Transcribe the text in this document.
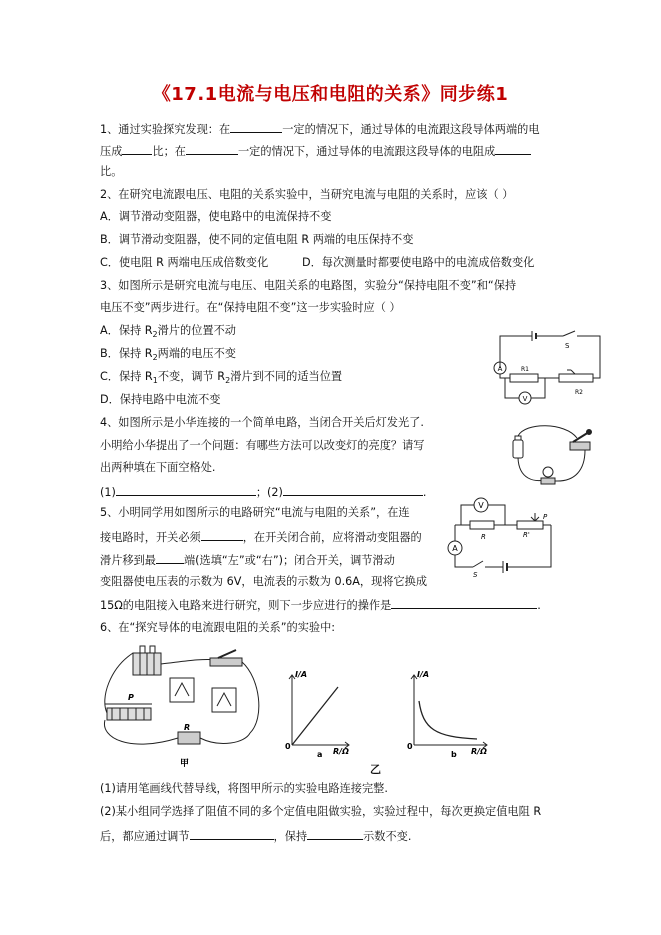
《17.1电流与电压和电阻的关系》同步练1
1、通过实验探究发现：在	一定的情况下，通过导体的电流跟这段导体两端的电
压成	比；在	一定的情况下，通过导体的电流跟这段导体的电阻成
比。
2、在研究电流跟电压、电阻的关系实验中，当研究电流与电阻的关系时，应该（ ）
A．调节滑动变阻器，使电路中的电流保持不变
B．调节滑动变阻器，使不同的定值电阻 R 两端的电压保持不变
C．使电阻 R 两端电压成倍数变化	D．每次测量时都要使电路中的电流成倍数变化
3、如图所示是研究电流与电压、电阻关系的电路图，实验分“保持电阻不变”和“保持
电压不变”两步进行。在“保持电阻不变”这一步实验时应（ ）
A．保持 $R_2$滑片的位置不动
B．保持 $R_2$两端的电压不变
C．保持 $R_1$不变，调节 $R_2$滑片到不同的适当位置
D．保持电路中电流不变
S
A	R1
V
R2
4、如图所示是小华连接的一个简单电路，当闭合开关后灯发光了.
小明给小华提出了一个问题：有哪些方法可以改变灯的亮度？请写
出两种填在下面空格处.
(1)	；(2)	.
5、小明同学用如图所示的电路研究“电流与电阻的关系”，在连
接电路时，开关必须	，在开关闭合前，应将滑动变阻器的
滑片移到最	端(选填“左”或“右”)；闭合开关，调节滑动
变阻器使电压表的示数为 6V，电流表的示数为 0.6A，现将它换成
15Ω的电阻接入电路来进行研究，则下一步应进行的操作是	.
V
R	R'
P
A
S
6、在“探究导体的电流跟电阻的关系”的实验中:
P
R
甲
I/A
0
R/Ω
a
I/A
0
R/Ω
b
乙
(1)请用笔画线代替导线，将图甲所示的实验电路连接完整.
(2)某小组同学选择了阻值不同的多个定值电阻做实验，实验过程中，每次更换定值电阻 R
后，都应通过调节	，保持	示数不变.
